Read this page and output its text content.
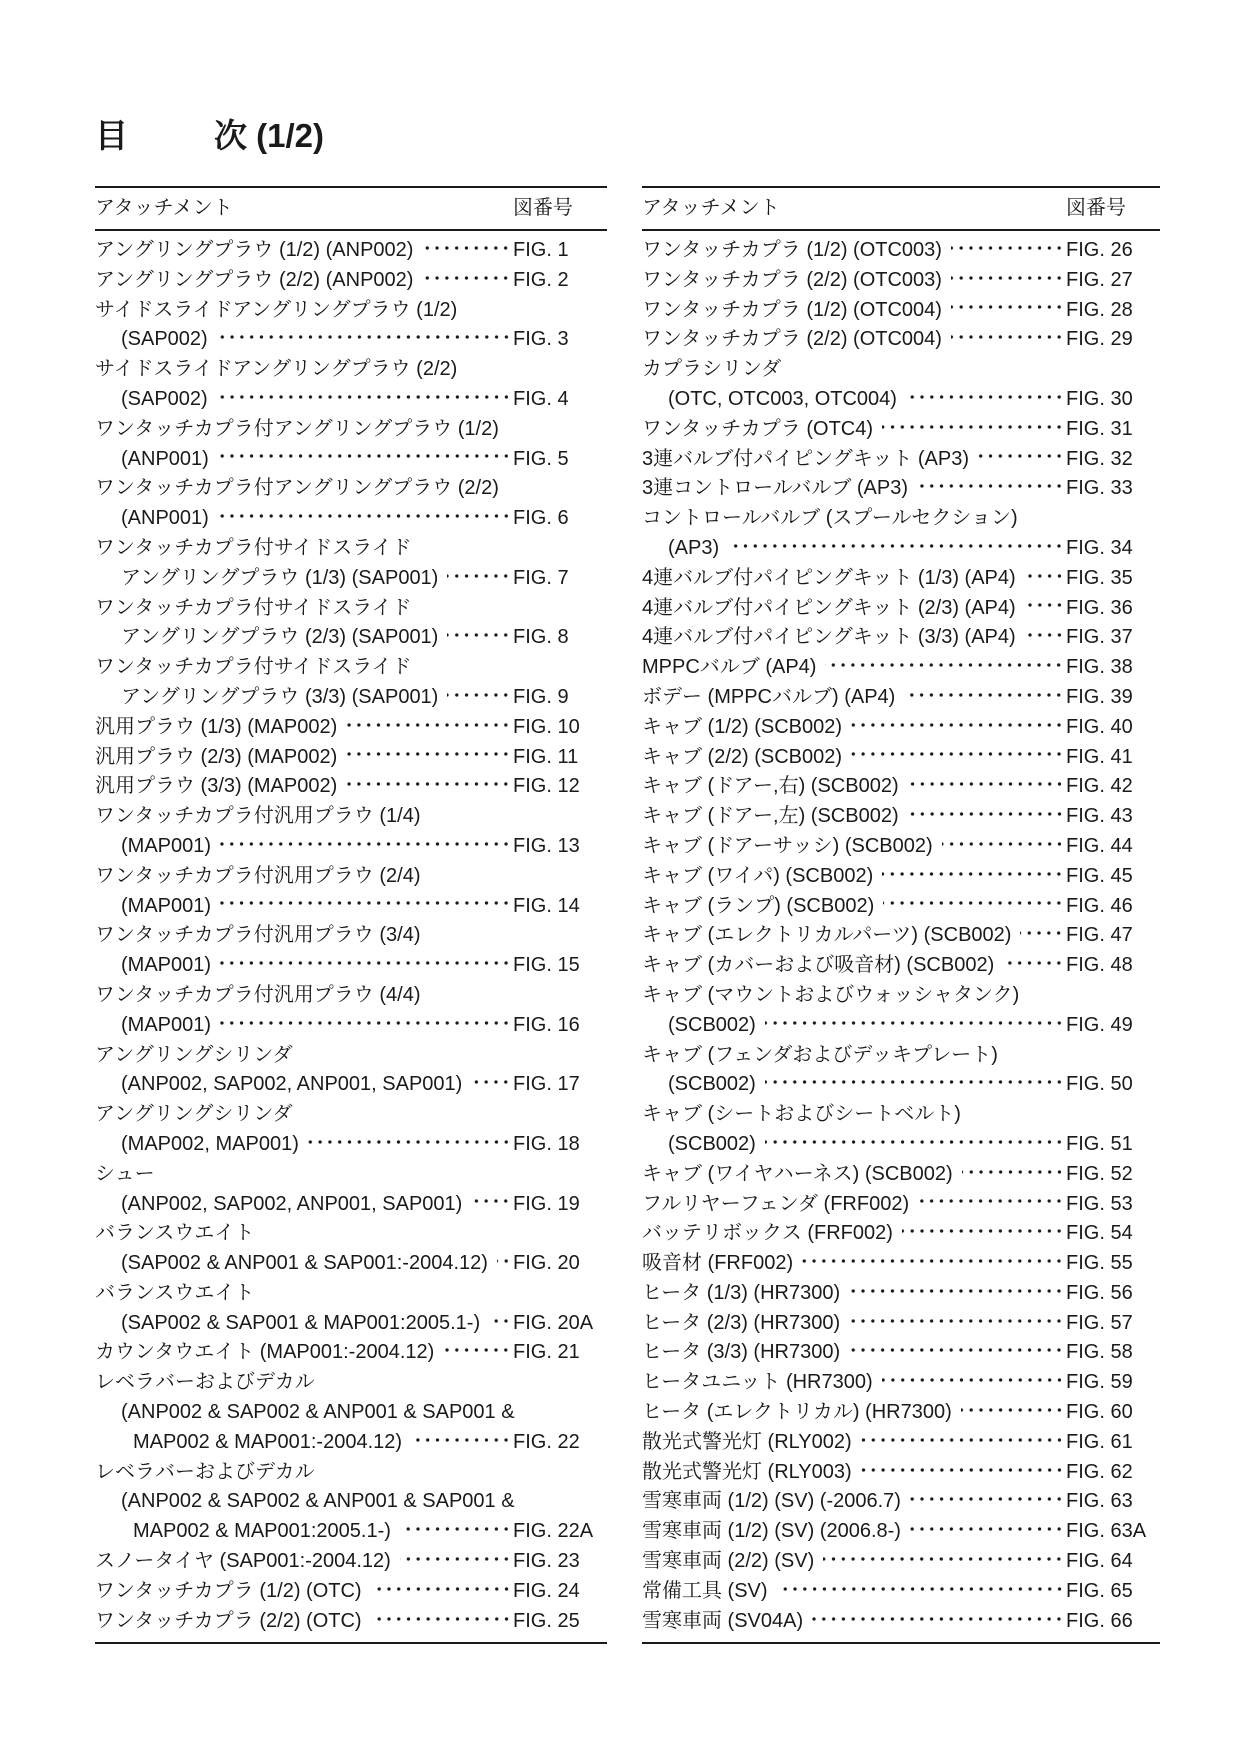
目	次 (1/2)
アタッチメント	図番号
アングリングプラウ (1/2) (ANP002)	FIG. 1
アングリングプラウ (2/2) (ANP002)	FIG. 2
サイドスライドアングリングプラウ (1/2)
(SAP002)	FIG. 3
サイドスライドアングリングプラウ (2/2)
(SAP002)	FIG. 4
ワンタッチカプラ付アングリングプラウ (1/2)
(ANP001)	FIG. 5
ワンタッチカプラ付アングリングプラウ (2/2)
(ANP001)	FIG. 6
ワンタッチカプラ付サイドスライド
アングリングプラウ (1/3) (SAP001)	FIG. 7
ワンタッチカプラ付サイドスライド
アングリングプラウ (2/3) (SAP001)	FIG. 8
ワンタッチカプラ付サイドスライド
アングリングプラウ (3/3) (SAP001)	FIG. 9
汎用プラウ (1/3) (MAP002)	FIG. 10
汎用プラウ (2/3) (MAP002)	FIG. 11
汎用プラウ (3/3) (MAP002)	FIG. 12
ワンタッチカプラ付汎用プラウ (1/4)
(MAP001)	FIG. 13
ワンタッチカプラ付汎用プラウ (2/4)
(MAP001)	FIG. 14
ワンタッチカプラ付汎用プラウ (3/4)
(MAP001)	FIG. 15
ワンタッチカプラ付汎用プラウ (4/4)
(MAP001)	FIG. 16
アングリングシリンダ
(ANP002, SAP002, ANP001, SAP001)	FIG. 17
アングリングシリンダ
(MAP002, MAP001)	FIG. 18
シュー
(ANP002, SAP002, ANP001, SAP001)	FIG. 19
バランスウエイト
(SAP002 & ANP001 & SAP001:-2004.12) FIG. 20
バランスウエイト
(SAP002 & SAP001 & MAP001:2005.1-) FIG. 20A
カウンタウエイト (MAP001:-2004.12)	FIG. 21
レベラバーおよびデカル
(ANP002 & SAP002 & ANP001 & SAP001 &
MAP002 & MAP001:-2004.12)	FIG. 22
レベラバーおよびデカル
(ANP002 & SAP002 & ANP001 & SAP001 &
MAP002 & MAP001:2005.1-)	FIG. 22A
スノータイヤ (SAP001:-2004.12)	FIG. 23
ワンタッチカプラ (1/2) (OTC)	FIG. 24
ワンタッチカプラ (2/2) (OTC)	FIG. 25
アタッチメント	図番号
ワンタッチカプラ (1/2) (OTC003)	FIG. 26
ワンタッチカプラ (2/2) (OTC003)	FIG. 27
ワンタッチカプラ (1/2) (OTC004)	FIG. 28
ワンタッチカプラ (2/2) (OTC004)	FIG. 29
カプラシリンダ
(OTC, OTC003, OTC004)	FIG. 30
ワンタッチカプラ (OTC4)	FIG. 31
3連バルブ付パイピングキット (AP3)	FIG. 32
3連コントロールバルブ (AP3)	FIG. 33
コントロールバルブ (スプールセクション)
(AP3)	FIG. 34
4連バルブ付パイピングキット (1/3) (AP4)	FIG. 35
4連バルブ付パイピングキット (2/3) (AP4)	FIG. 36
4連バルブ付パイピングキット (3/3) (AP4)	FIG. 37
MPPCバルブ (AP4)	FIG. 38
ボデー (MPPCバルブ) (AP4)	FIG. 39
キャブ (1/2) (SCB002)	FIG. 40
キャブ (2/2) (SCB002)	FIG. 41
キャブ (ドアー,右) (SCB002)	FIG. 42
キャブ (ドアー,左) (SCB002)	FIG. 43
キャブ (ドアーサッシ) (SCB002)	FIG. 44
キャブ (ワイパ) (SCB002)	FIG. 45
キャブ (ランプ) (SCB002)	FIG. 46
キャブ (エレクトリカルパーツ) (SCB002)	FIG. 47
キャブ (カバーおよび吸音材) (SCB002)	FIG. 48
キャブ (マウントおよびウォッシャタンク)
(SCB002)	FIG. 49
キャブ (フェンダおよびデッキプレート)
(SCB002)	FIG. 50
キャブ (シートおよびシートベルト)
(SCB002)	FIG. 51
キャブ (ワイヤハーネス) (SCB002)	FIG. 52
フルリヤーフェンダ (FRF002)	FIG. 53
バッテリボックス (FRF002)	FIG. 54
吸音材 (FRF002)	FIG. 55
ヒータ (1/3) (HR7300)	FIG. 56
ヒータ (2/3) (HR7300)	FIG. 57
ヒータ (3/3) (HR7300)	FIG. 58
ヒータユニット (HR7300)	FIG. 59
ヒータ (エレクトリカル) (HR7300)	FIG. 60
散光式警光灯 (RLY002)	FIG. 61
散光式警光灯 (RLY003)	FIG. 62
雪寒車両 (1/2) (SV) (-2006.7)	FIG. 63
雪寒車両 (1/2) (SV) (2006.8-)	FIG. 63A
雪寒車両 (2/2) (SV)	FIG. 64
常備工具 (SV)	FIG. 65
雪寒車両 (SV04A)	FIG. 66
